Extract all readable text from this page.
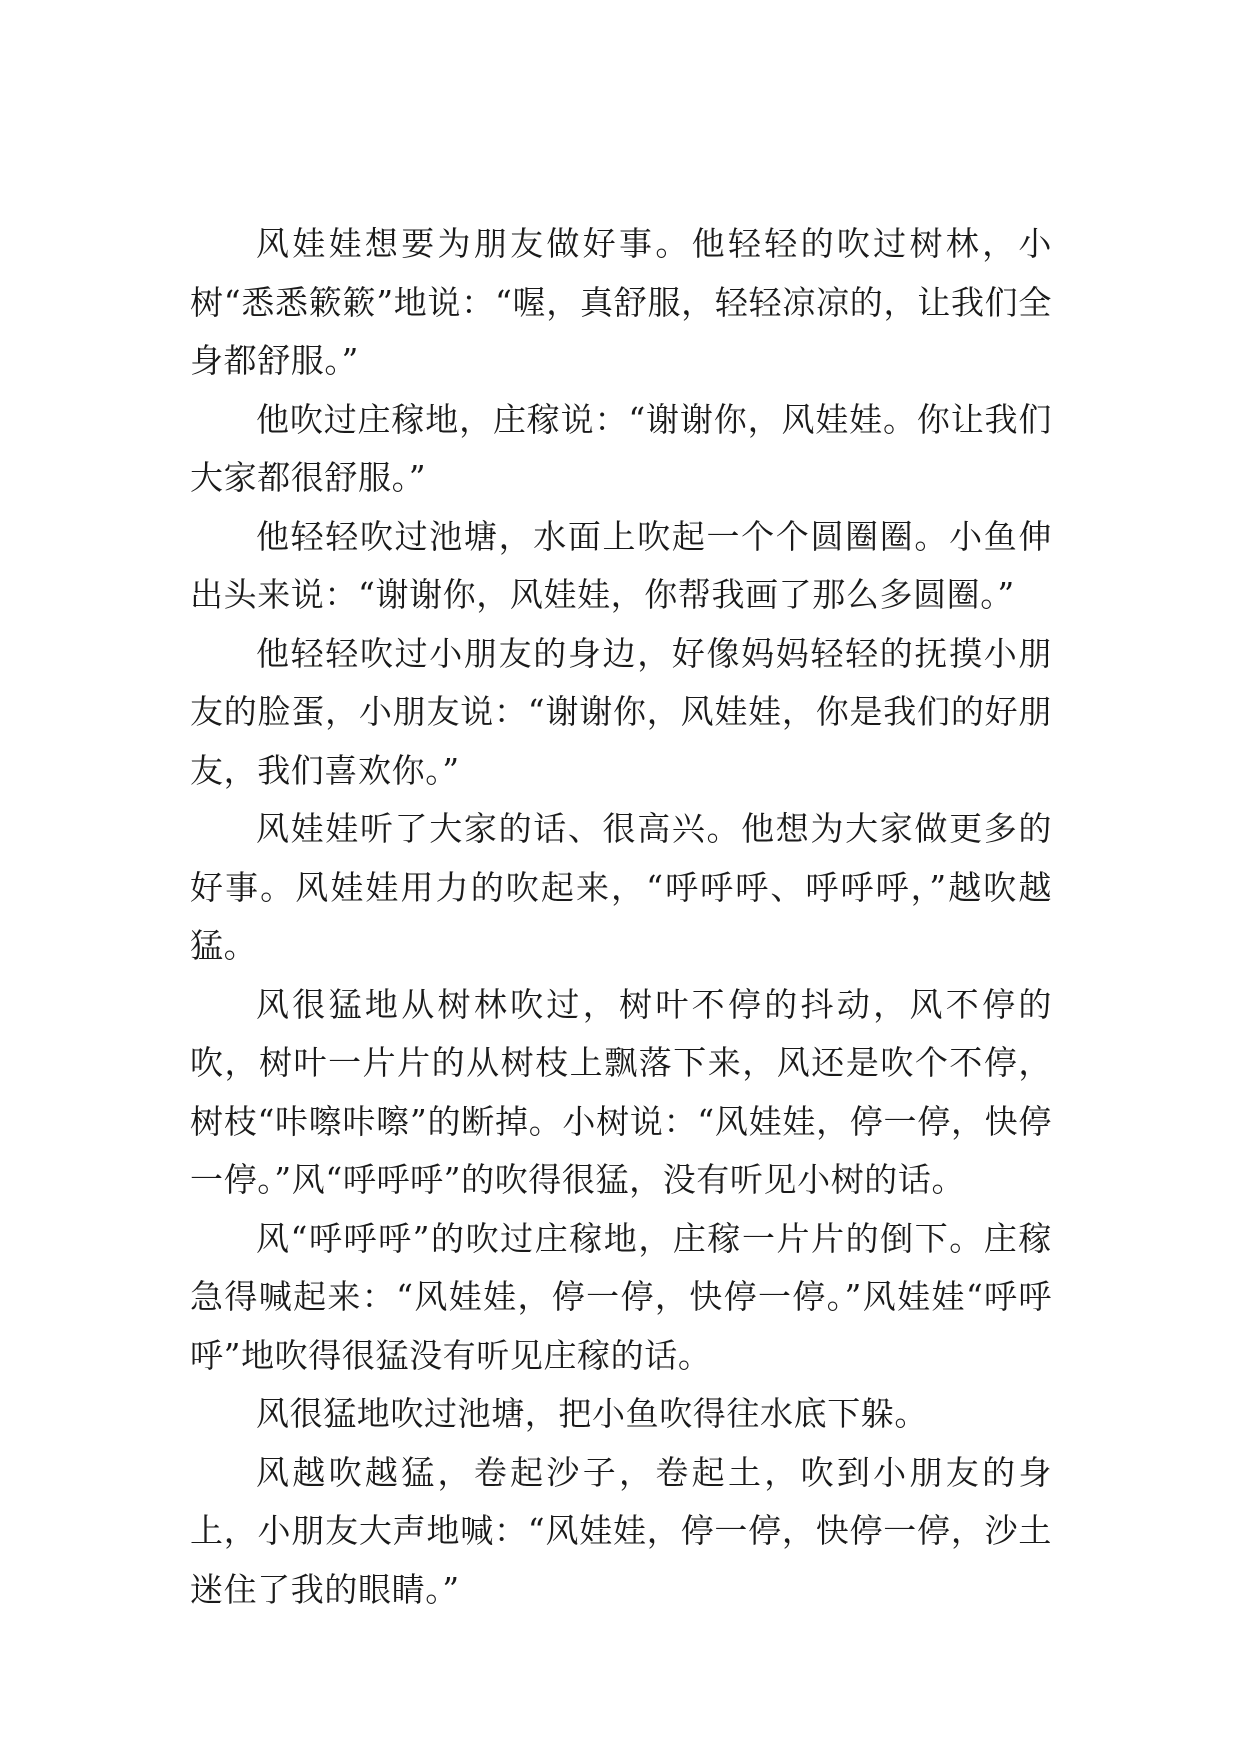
风娃娃想要为朋友做好事。他轻轻的吹过树林，小树“悉悉簌簌”地说：“喔，真舒服，轻轻凉凉的，让我们全身都舒服。”

他吹过庄稼地，庄稼说：“谢谢你，风娃娃。你让我们大家都很舒服。”

他轻轻吹过池塘，水面上吹起一个个圆圈圈。小鱼伸出头来说：“谢谢你，风娃娃，你帮我画了那么多圆圈。”

他轻轻吹过小朋友的身边，好像妈妈轻轻的抚摸小朋友的脸蛋，小朋友说：“谢谢你，风娃娃，你是我们的好朋友，我们喜欢你。”

风娃娃听了大家的话、很高兴。他想为大家做更多的好事。风娃娃用力的吹起来，“呼呼呼、呼呼呼，”越吹越猛。

风很猛地从树林吹过，树叶不停的抖动，风不停的吹，树叶一片片的从树枝上飘落下来，风还是吹个不停，树枝“咔嚓咔嚓”的断掉。小树说：“风娃娃，停一停，快停一停。”风“呼呼呼”的吹得很猛，没有听见小树的话。

风“呼呼呼”的吹过庄稼地，庄稼一片片的倒下。庄稼急得喊起来：“风娃娃，停一停，快停一停。”风娃娃“呼呼呼”地吹得很猛没有听见庄稼的话。

风很猛地吹过池塘，把小鱼吹得往水底下躲。

风越吹越猛，卷起沙子，卷起土，吹到小朋友的身上，小朋友大声地喊：“风娃娃，停一停，快停一停，沙土迷住了我的眼睛。”
